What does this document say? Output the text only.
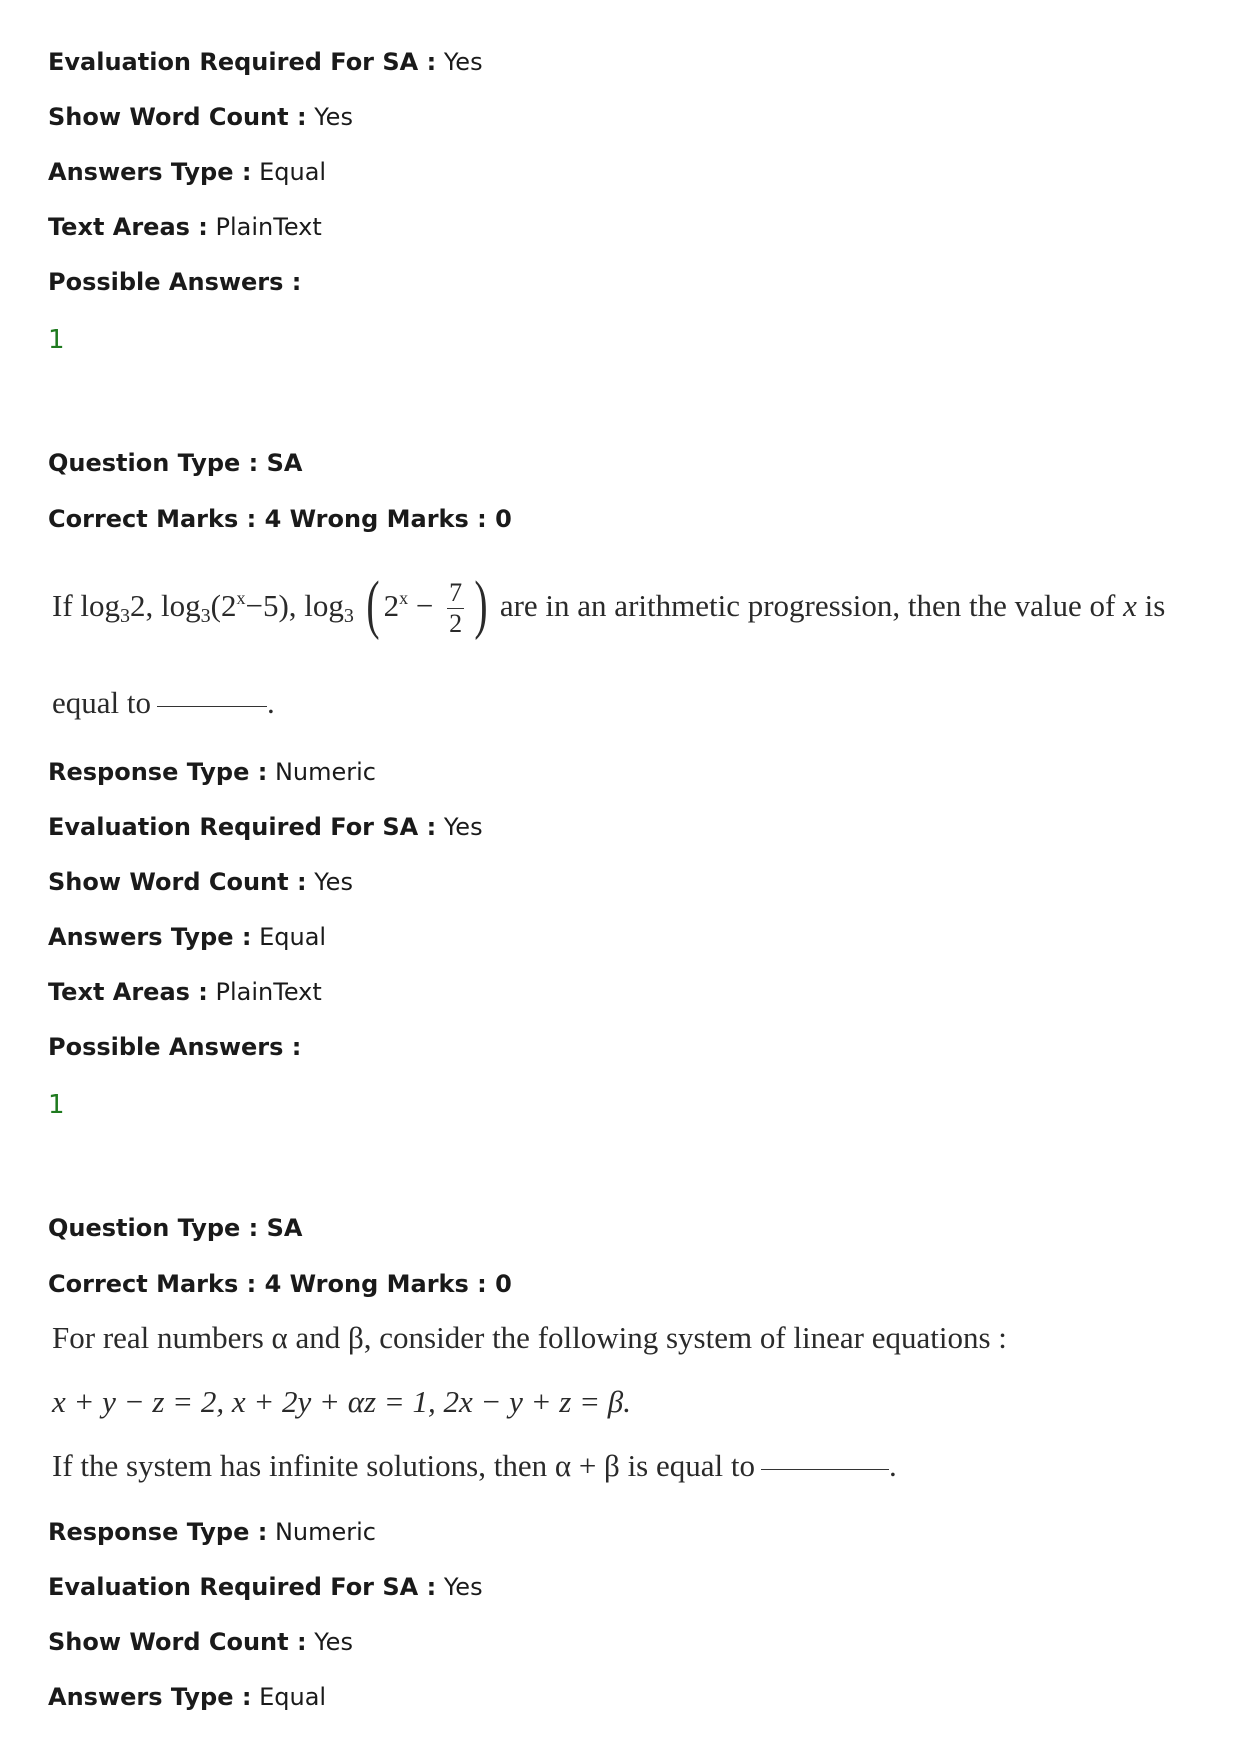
Evaluation Required For SA : Yes
Show Word Count : Yes
Answers Type : Equal
Text Areas : PlainText
Possible Answers :
1
Question Type : SA
Correct Marks : 4 Wrong Marks : 0
If $\log_32$, $\log_3(2^x-5)$, $\log_3$ ( $2^x - \frac{7}{2}$ ) are in an arithmetic progression, then the value of x is
equal to	.
Response Type : Numeric
Evaluation Required For SA : Yes
Show Word Count : Yes
Answers Type : Equal
Text Areas : PlainText
Possible Answers :
1
Question Type : SA
Correct Marks : 4 Wrong Marks : 0
For real numbers α and β, consider the following system of linear equations :
x + y − z = 2, x + 2y + αz = 1, 2x − y + z = β.
If the system has infinite solutions, then α + β is equal to	.
Response Type : Numeric
Evaluation Required For SA : Yes
Show Word Count : Yes
Answers Type : Equal
